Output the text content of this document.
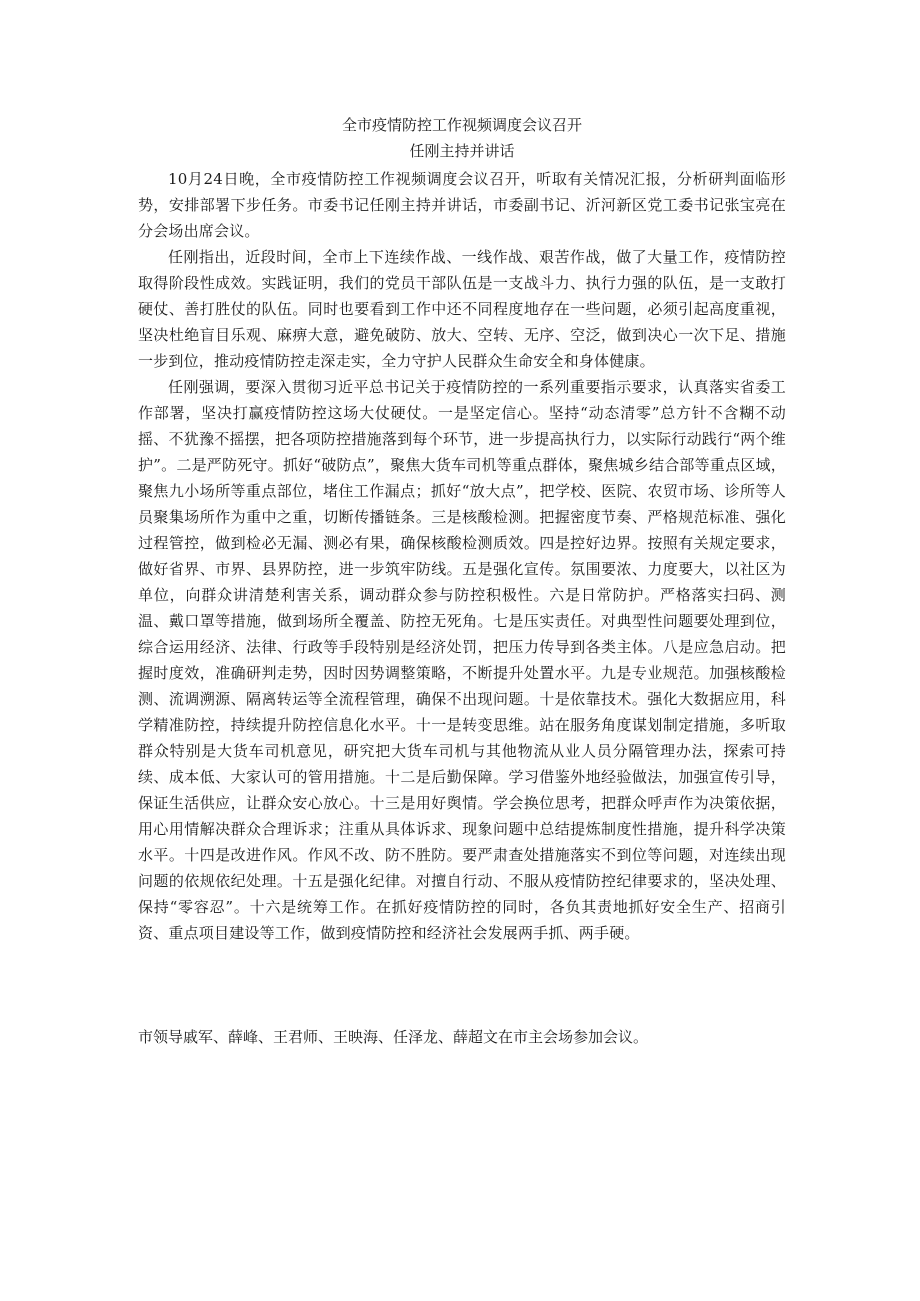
全市疫情防控工作视频调度会议召开
任刚主持并讲话

10月24日晚，全市疫情防控工作视频调度会议召开，听取有关情况汇报，分析研判面临形势，安排部署下步任务。市委书记任刚主持并讲话，市委副书记、沂河新区党工委书记张宝亮在分会场出席会议。

任刚指出，近段时间，全市上下连续作战、一线作战、艰苦作战，做了大量工作，疫情防控取得阶段性成效。实践证明，我们的党员干部队伍是一支战斗力、执行力强的队伍，是一支敢打硬仗、善打胜仗的队伍。同时也要看到工作中还不同程度地存在一些问题，必须引起高度重视，坚决杜绝盲目乐观、麻痹大意，避免破防、放大、空转、无序、空泛，做到决心一次下足、措施一步到位，推动疫情防控走深走实，全力守护人民群众生命安全和身体健康。

任刚强调，要深入贯彻习近平总书记关于疫情防控的一系列重要指示要求，认真落实省委工作部署，坚决打赢疫情防控这场大仗硬仗。一是坚定信心。坚持“动态清零”总方针不含糊不动摇、不犹豫不摇摆，把各项防控措施落到每个环节，进一步提高执行力，以实际行动践行“两个维护”。二是严防死守。抓好“破防点”，聚焦大货车司机等重点群体，聚焦城乡结合部等重点区域，聚焦九小场所等重点部位，堵住工作漏点；抓好“放大点”，把学校、医院、农贸市场、诊所等人员聚集场所作为重中之重，切断传播链条。三是核酸检测。把握密度节奏、严格规范标准、强化过程管控，做到检必无漏、测必有果，确保核酸检测质效。四是控好边界。按照有关规定要求，做好省界、市界、县界防控，进一步筑牢防线。五是强化宣传。氛围要浓、力度要大，以社区为单位，向群众讲清楚利害关系，调动群众参与防控积极性。六是日常防护。严格落实扫码、测温、戴口罩等措施，做到场所全覆盖、防控无死角。七是压实责任。对典型性问题要处理到位，综合运用经济、法律、行政等手段特别是经济处罚，把压力传导到各类主体。八是应急启动。把握时度效，准确研判走势，因时因势调整策略，不断提升处置水平。九是专业规范。加强核酸检测、流调溯源、隔离转运等全流程管理，确保不出现问题。十是依靠技术。强化大数据应用，科学精准防控，持续提升防控信息化水平。十一是转变思维。站在服务角度谋划制定措施，多听取群众特别是大货车司机意见，研究把大货车司机与其他物流从业人员分隔管理办法，探索可持续、成本低、大家认可的管用措施。十二是后勤保障。学习借鉴外地经验做法，加强宣传引导，保证生活供应，让群众安心放心。十三是用好舆情。学会换位思考，把群众呼声作为决策依据，用心用情解决群众合理诉求；注重从具体诉求、现象问题中总结提炼制度性措施，提升科学决策水平。十四是改进作风。作风不改、防不胜防。要严肃查处措施落实不到位等问题，对连续出现问题的依规依纪处理。十五是强化纪律。对擅自行动、不服从疫情防控纪律要求的，坚决处理、保持“零容忍”。十六是统筹工作。在抓好疫情防控的同时，各负其责地抓好安全生产、招商引资、重点项目建设等工作，做到疫情防控和经济社会发展两手抓、两手硬。

市领导戚军、薛峰、王君师、王映海、任泽龙、薛超文在市主会场参加会议。
